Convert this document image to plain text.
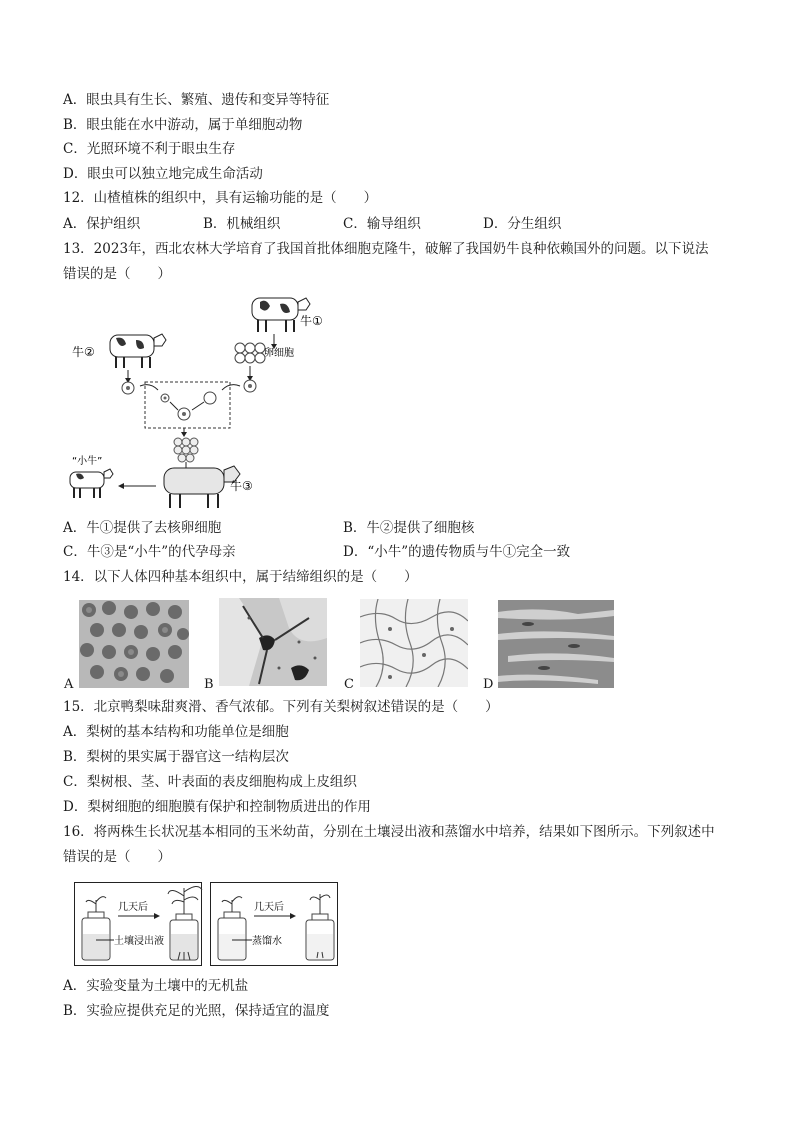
A．眼虫具有生长、繁殖、遗传和变异等特征
B．眼虫能在水中游动，属于单细胞动物
C．光照环境不利于眼虫生存
D．眼虫可以独立地完成生命活动
12．山楂植株的组织中，具有运输功能的是（　　）
A．保护组织	B．机械组织	C．输导组织	D．分生组织
13．2023年，西北农林大学培育了我国首批体细胞克隆牛，破解了我国奶牛良种依赖国外的问题。以下说法
错误的是（　　）
牛①
卵细胞
牛②
牛③
“小牛”
A．牛①提供了去核卵细胞	B．牛②提供了细胞核
C．牛③是“小牛”的代孕母亲	D．“小牛”的遗传物质与牛①完全一致
14．以下人体四种基本组织中，属于结缔组织的是（　　）
A	B	C	D
15．北京鸭梨味甜爽滑、香气浓郁。下列有关梨树叙述错误的是（　　）
A．梨树的基本结构和功能单位是细胞
B．梨树的果实属于器官这一结构层次
C．梨树根、茎、叶表面的表皮细胞构成上皮组织
D．梨树细胞的细胞膜有保护和控制物质进出的作用
16．将两株生长状况基本相同的玉米幼苗，分别在土壤浸出液和蒸馏水中培养，结果如下图所示。下列叙述中
错误的是（　　）
几天后
土壤浸出液
几天后
蒸馏水
A．实验变量为土壤中的无机盐
B．实验应提供充足的光照，保持适宜的温度
